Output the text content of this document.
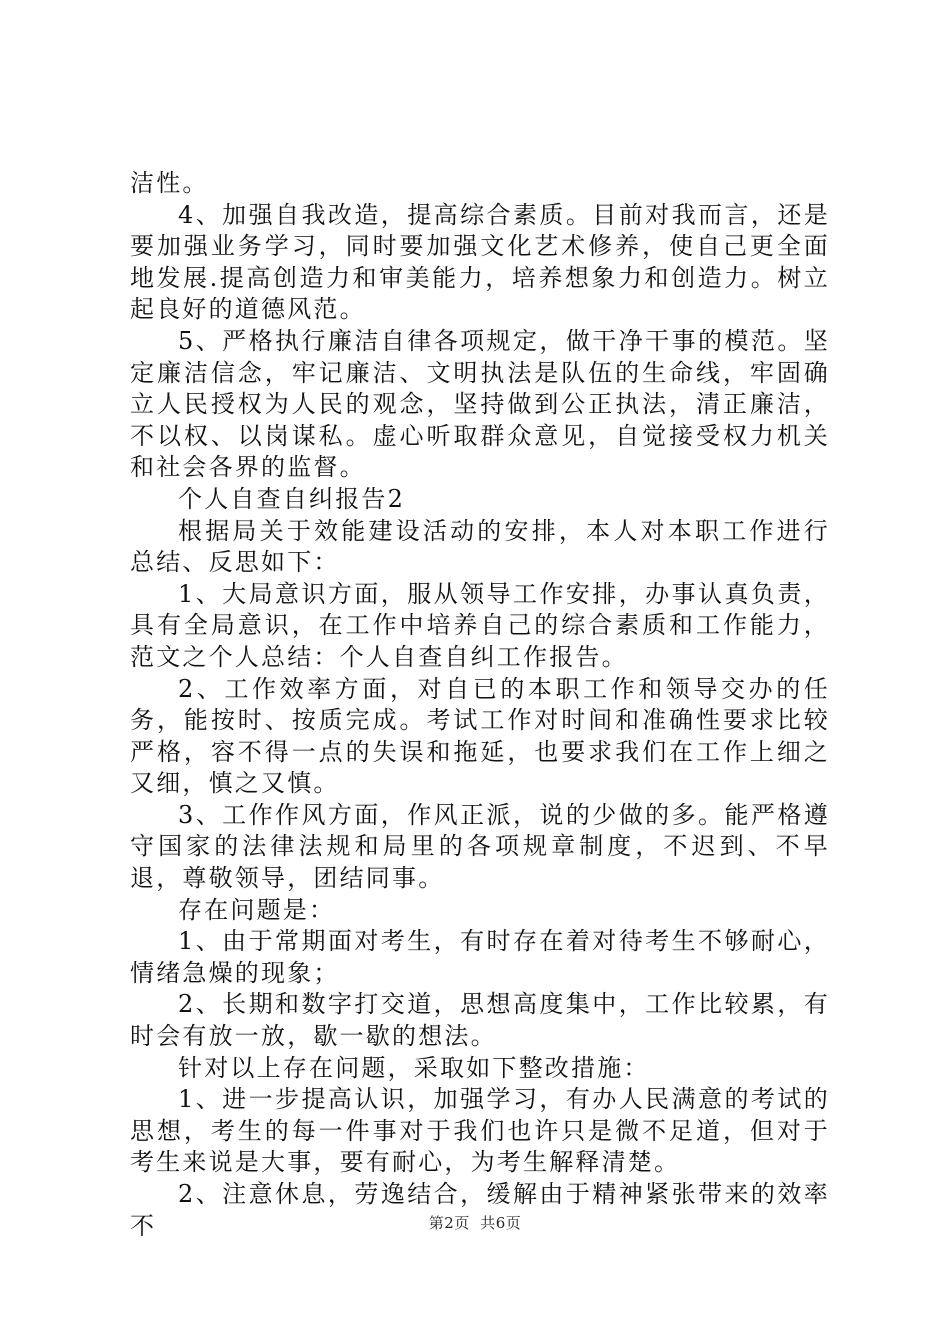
洁性。

4、加强自我改造，提高综合素质。目前对我而言，还是要加强业务学习，同时要加强文化艺术修养，使自己更全面地发展.提高创造力和审美能力，培养想象力和创造力。树立起良好的道德风范。

5、严格执行廉洁自律各项规定，做干净干事的模范。坚定廉洁信念，牢记廉洁、文明执法是队伍的生命线，牢固确立人民授权为人民的观念，坚持做到公正执法，清正廉洁，不以权、以岗谋私。虚心听取群众意见，自觉接受权力机关和社会各界的监督。

个人自查自纠报告2

根据局关于效能建设活动的安排，本人对本职工作进行总结、反思如下：

1、大局意识方面，服从领导工作安排，办事认真负责，具有全局意识，在工作中培养自己的综合素质和工作能力，范文之个人总结：个人自查自纠工作报告。

2、工作效率方面，对自已的本职工作和领导交办的任务，能按时、按质完成。考试工作对时间和准确性要求比较严格，容不得一点的失误和拖延，也要求我们在工作上细之又细，慎之又慎。

3、工作作风方面，作风正派，说的少做的多。能严格遵守国家的法律法规和局里的各项规章制度，不迟到、不早退，尊敬领导，团结同事。

存在问题是：

1、由于常期面对考生，有时存在着对待考生不够耐心，情绪急燥的现象；

2、长期和数字打交道，思想高度集中，工作比较累，有时会有放一放，歇一歇的想法。

针对以上存在问题，采取如下整改措施：

1、进一步提高认识，加强学习，有办人民满意的考试的思想，考生的每一件事对于我们也许只是微不足道，但对于考生来说是大事，要有耐心，为考生解释清楚。

2、注意休息，劳逸结合，缓解由于精神紧张带来的效率不	第2页  共6页
